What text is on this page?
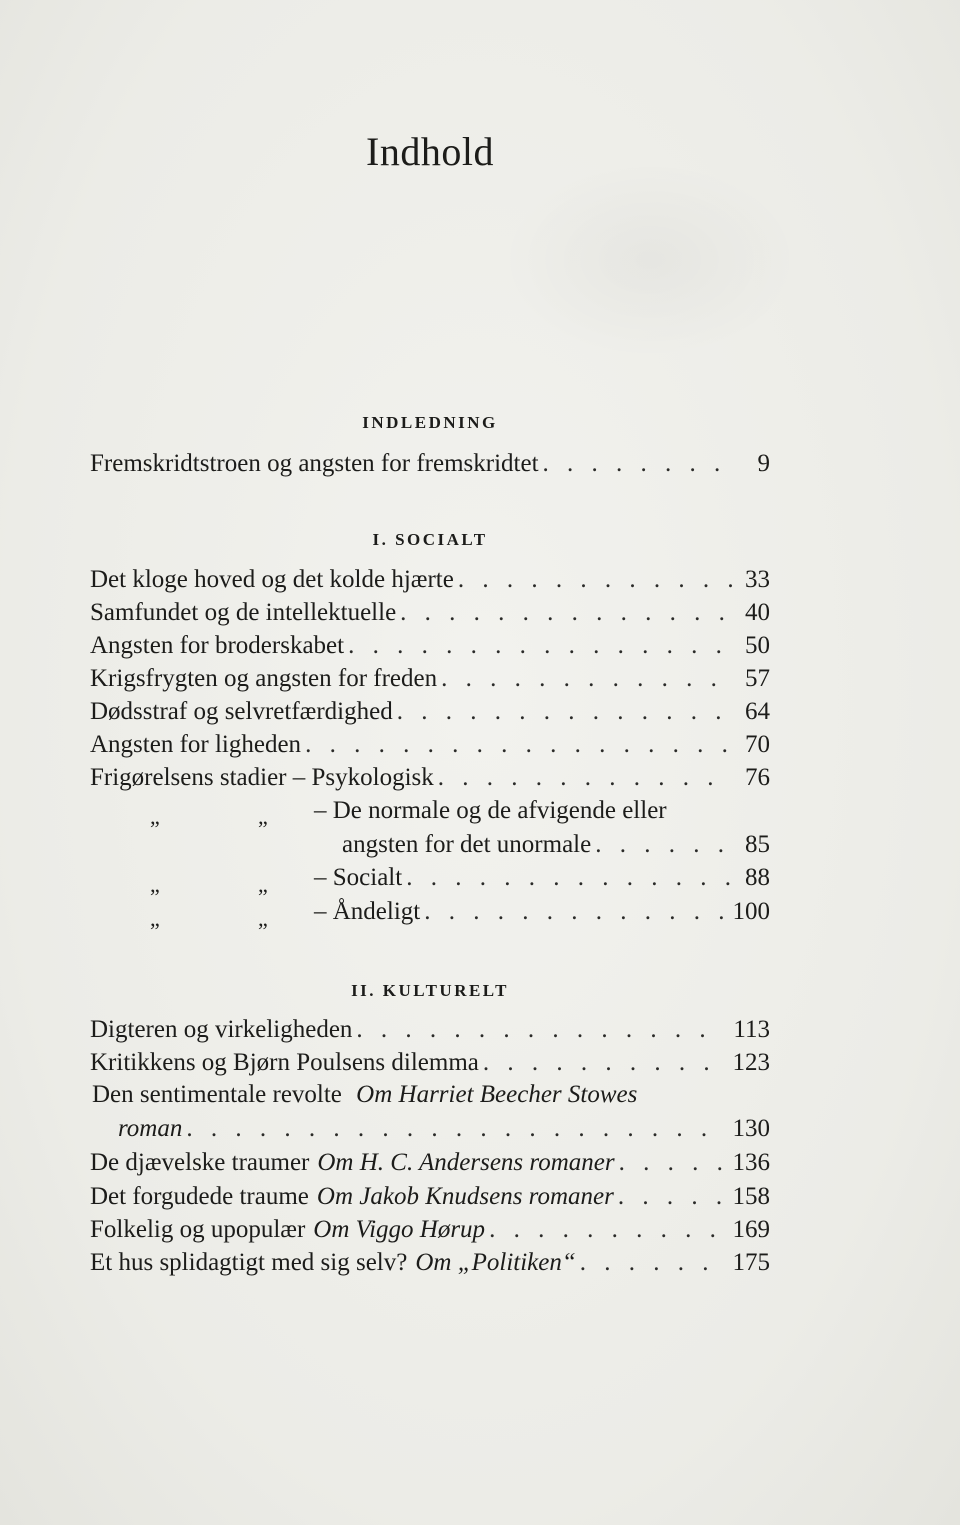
Indhold
INDLEDNING
Fremskridtstroen og angsten for fremskridtet . . .	9
I. SOCIALT
Det kloge hoved og det kolde hjærte . . .	33
Samfundet og de intellektuelle . . .	40
Angsten for broderskabet . . .	50
Krigsfrygten og angsten for freden . . .	57
Dødsstraf og selvretfærdighed . . .	64
Angsten for ligheden . . .	70
Frigørelsens stadier – Psykologisk . . .	76
„	„ – De normale og de afvigende eller
angsten for det unormale . . .	85
„	„ – Socialt . . .	88
„	„ – Åndeligt . . .	100
II. KULTURELT
Digteren og virkeligheden . . .	113
Kritikkens og Bjørn Poulsens dilemma . . .	123
Den sentimentale revolte Om Harriet Beecher Stowes
roman . . .	130
De djævelske traumer Om H. C. Andersens romaner . . .	136
Det forgudede traume Om Jakob Knudsens romaner . . .	158
Folkelig og upopulær Om Viggo Hørup . . .	169
Et hus splidagtigt med sig selv? Om „Politiken“ . . .	175
